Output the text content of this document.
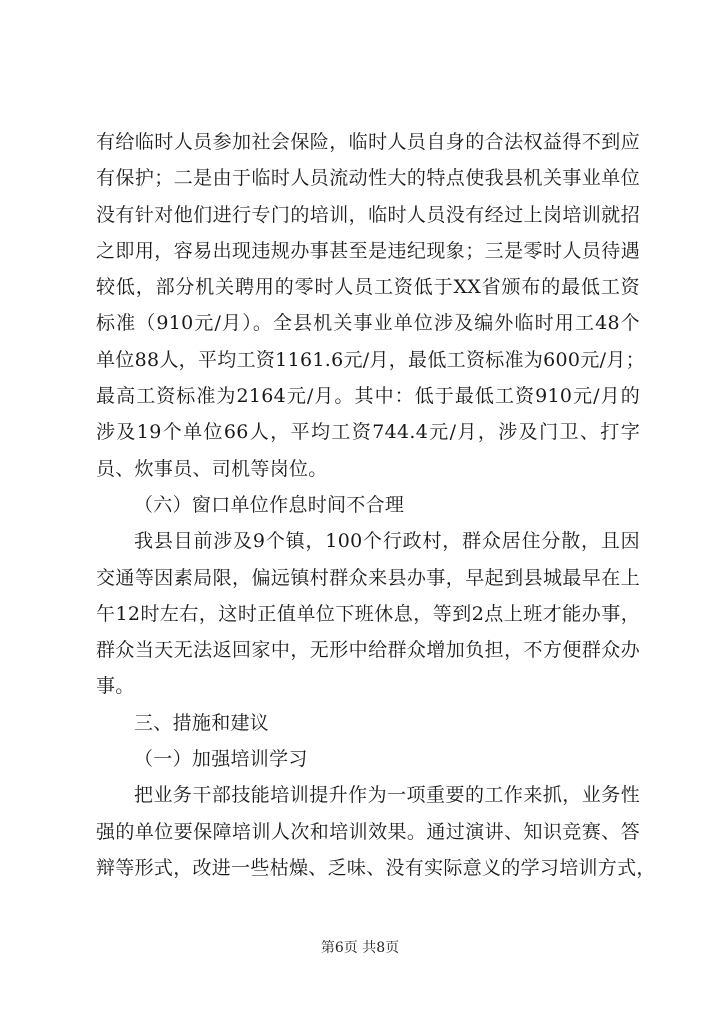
有给临时人员参加社会保险，临时人员自身的合法权益得不到应
有保护；二是由于临时人员流动性大的特点使我县机关事业单位
没有针对他们进行专门的培训，临时人员没有经过上岗培训就招
之即用，容易出现违规办事甚至是违纪现象；三是零时人员待遇
较低，部分机关聘用的零时人员工资低于XX省颁布的最低工资
标准（910元/月）。全县机关事业单位涉及编外临时用工48个
单位88人，平均工资1161.6元/月，最低工资标准为600元/月；
最高工资标准为2164元/月。其中：低于最低工资910元/月的
涉及19个单位66人，平均工资744.4元/月，涉及门卫、打字
员、炊事员、司机等岗位。

（六）窗口单位作息时间不合理

我县目前涉及9个镇，100个行政村，群众居住分散，且因
交通等因素局限，偏远镇村群众来县办事，早起到县城最早在上
午12时左右，这时正值单位下班休息，等到2点上班才能办事，
群众当天无法返回家中，无形中给群众增加负担，不方便群众办
事。

三、措施和建议

（一）加强培训学习

把业务干部技能培训提升作为一项重要的工作来抓，业务性
强的单位要保障培训人次和培训效果。通过演讲、知识竞赛、答
辩等形式，改进一些枯燥、乏味、没有实际意义的学习培训方式，

第6页 共8页
